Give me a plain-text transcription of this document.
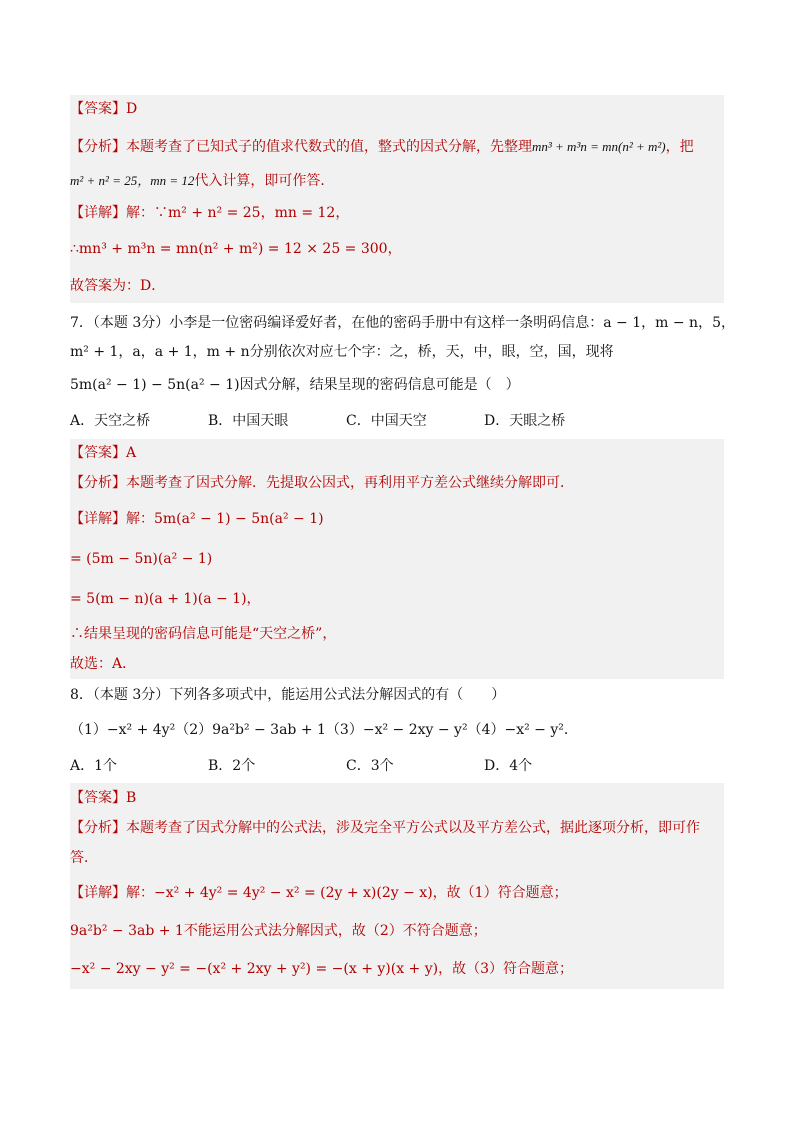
【答案】D
【分析】本题考查了已知式子的值求代数式的值，整式的因式分解，先整理mn³ + m³n = mn(n² + m²)，把
m² + n² = 25，mn = 12代入计算，即可作答．
【详解】解：∵m² + n² = 25，mn = 12，
∴mn³ + m³n = mn(n² + m²) = 12 × 25 = 300，
故答案为：D．
7．（本题 3分）小李是一位密码编译爱好者，在他的密码手册中有这样一条明码信息：a − 1，m − n，5，
m² + 1，a，a + 1，m + n分别依次对应七个字：之，桥，天，中，眼，空，国，现将
5m(a² − 1) − 5n(a² − 1)因式分解，结果呈现的密码信息可能是（　）
A．天空之桥	B．中国天眼	C．中国天空	D．天眼之桥
【答案】A
【分析】本题考查了因式分解．先提取公因式，再利用平方差公式继续分解即可．
【详解】解：5m(a² − 1) − 5n(a² − 1)
= (5m − 5n)(a² − 1)
= 5(m − n)(a + 1)(a − 1)，
∴结果呈现的密码信息可能是“天空之桥”，
故选：A．
8．（本题 3分）下列各多项式中，能运用公式法分解因式的有（　　）
（1）−x² + 4y²（2）9a²b² − 3ab + 1（3）−x² − 2xy − y²（4）−x² − y²．
A．1个	B．2个	C．3个	D．4个
【答案】B
【分析】本题考查了因式分解中的公式法，涉及完全平方公式以及平方差公式，据此逐项分析，即可作
答．
【详解】解：−x² + 4y² = 4y² − x² = (2y + x)(2y − x)，故（1）符合题意；
9a²b² − 3ab + 1不能运用公式法分解因式，故（2）不符合题意；
−x² − 2xy − y² = −(x² + 2xy + y²) = −(x + y)(x + y)，故（3）符合题意；
